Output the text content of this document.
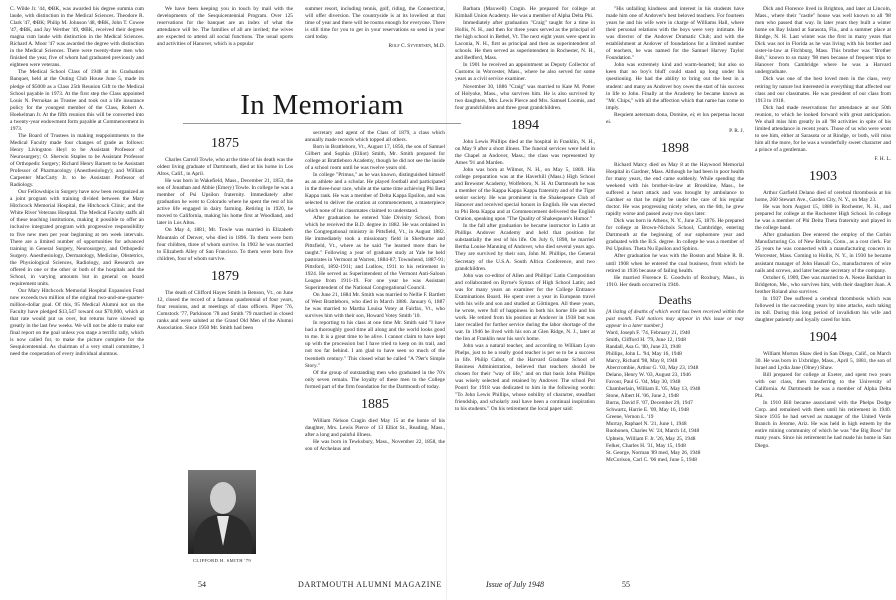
C. Wilde Jr. '44, ΦBK, was awarded his degree summa cum laude, with distinction in the Medical Sciences. Theodore R. Clark '47, ΦBK; Philip M. Johnson '48, ΦBK, John T. Cowee '47, ΦBK, and Jay Werther '49, ΦBK, received their degrees magna cum laude with distinction in the Medical Sciences. Richard A. Moor '47 was awarded the degree with distinction in the Medical Sciences. There were twenty-three men who finished the year, five of whom had graduated previously and eighteen were veterans.

The Medical School Class of 1948 at its Graduation Banquet, held at the Outing Club House June 5, made its pledge of $5000 as a Class 25th Reunion Gift to the Medical School payable in 1973. At the first step the Class appointed Louis N. Pernokas as Trustee and took out a life insurance policy for the youngest member of the Class, Robert A. Hoekelman Jr. At the fifth reunion this will be converted into a twenty-year endowment form payable at Commencement in 1973.

The Board of Trustees in making reappointments to the Medical Faculty made four changes of grade as follows: Henry Livingston Heyl to be Assistant Professor of Neurosurgery; O. Sherwin Staples to be Assistant Professor of Orthopedic Surgery; Richard Henry Barnett to be Assistant Professor of Pharmacology (Anesthesiology); and William Carpenter MacCarty Jr. to be Assistant Professor of Radiology.

Our Fellowships in Surgery have now been reorganized as a joint program with training divided between the Mary Hitchcock Memorial Hospital, the Hitchcock Clinic, and the White River Veterans Hospital. The Medical Faculty staffs all of these teaching institutions, making it possible to offer an inclusive integrated program with progressive responsibility to five new men per year beginning at ten week intervals. There are a limited number of opportunities for advanced training in General Surgery, Neurosurgery, and Orthopedic Surgery. Anesthesiology, Dermatology, Medicine, Obstetrics, the Physiological Sciences, Radiology, and Research are offered in one or the other or both of the hospitals and the School, in varying amounts but in general on board requirement units.

Our Mary Hitchcock Memorial Hospital Expansion Fund now exceeds two million of the original two-and-one-quarter-million-dollar goal. Of this, 95 Medical Alumni not on the Faculty have pledged $13,547 toward our $70,000, which at that rate would put us over, but returns have slowed up greatly in the last few weeks. We will not be able to make our final report on the goal unless you stage a terrific rally, which is now called for, to make the picture complete for the Sesquicentennial. As chairman of a very small committee, I need the cooperation of every individual alumnus.

We have been keeping you in touch by mail with the developments of the Sesquicentennial Program. Over 125 reservations for the banquet are an index of what the attendance will be. The families of all are invited; the wives are expected to attend all social functions. The usual sports and activities of Hanover, which is a popular

summer resort, including tennis, golf, riding, the Connecticut, will offer diversion. The countryside is at its loveliest at that time of year and there will be rooms enough for everyone. There is still time for you to get in your reservations so send in your card today.

Rolf C. Syvertsen, M.D.

In Memoriam
1875

Charles Carroll Towle, who at the time of his death was the oldest living graduate of Dartmouth, died at his home in Los Altos, Calif., in April.

He was born in Wakefield, Mass., December 21, 1853, the son of Jonathan and Abbie (Emery) Towle. In college he was a member of Psi Upsilon fraternity. Immediately after graduation he went to Colorado where he spent the rest of his active life engaged in dairy farming. Retiring in 1920, he moved to California, making his home first at Woodland, and later in Los Altos.

On May 4, 1881, Mr. Towle was married in Elizabeth Mountain of Denver, who died in 1896. To them were born four children, three of whom survive. In 1902 he was married to Elizabeth Alley of San Francisco. To them were born five children, four of whom survive.

1879

The death of Clifford Hayes Smith in Benson, Vt., on June 12, closed the record of a famous quadrennial of four years, four reunions, and at meetings of class officers. Piper '76, Comstock '77, Parkinson '78 and Smith '79 marched in closed ranks and were saluted at the Grand Old Men of the Alumni Association. Since 1950 Mr. Smith had been

secretary and agent of the Class of 1879, a class which annually made records which topped all others.

Born in Brattleboro, Vt., August 17, 1856, the son of Samuel Gilbert and Sophia (Elliot) Smith, Mr. Smith prepared for college at Brattleboro Academy, though he did not see the inside of a school room until he was twelve years old.

In college "Primus," as he was known, distinguished himself as an athlete and a scholar. He played football and participated in the three-hour race, while at the same time achieving Phi Beta Kappa rank. He was a member of Delta Kappa Epsilon, and was selected to deliver the oration at commencement, a masterpiece which none of his classmates claimed to understand.

After graduation he entered Yale Divinity School, from which he received the B.D. degree in 1882. He was ordained in the Congregational ministry in Pittsfield, Vt., in August 1882. He immediately took a missionary field in Sherburne and Pittsfield, Vt., where as he said "he learned more than he taught." Following a year of graduate study at Yale he held pastorates in Vermont at Warren, 1884-87; Townshend, 1887-91; Pittsford, 1892-1911; and Ludlow, 1911 to his retirement in 1924. He served as Superintendent of the Vermont Anti-Saloon League from 1911-19. For one year he was Assistant Superintendent of the National Congregational Council.

On June 21, 1884 Mr. Smith was married to Nellie F. Bartlett of West Brattleboro, who died in March 1886. January 6, 1887 he was married to Martha Louisa Votey at Fairfax, Vt., who survives him with their son, Howard Votey Smith '10.

In reporting to his class at one time Mr. Smith said "I have had a thoroughly good time all along and the world looks good to me. It is a great time to be alive. I cannot claim to have kept up with the procession but I have tried to keep on its trail, and not too far behind. I am glad to have seen so much of the twentieth century." This closed what he called "A 79er's Simple Story."

Of the group of outstanding men who graduated in the 70's only seven remain. The loyalty of these men to the College formed part of the firm foundation for the Dartmouth of today.

1885

William Nelson Cragin died May 15 at the home of his daughter, Mrs. Lewis Pierce of 13 Elliot St., Reading, Mass., after a long and painful illness.

He was born in Tewksbury, Mass., November 22, 1858, the son of Archelaus and

CLIFFORD H. SMITH '79
54	DARTMOUTH ALUMNI MAGAZINE

Barbara (Maxwell) Cragin. He prepared for college at Kimball Union Academy. He was a member of Alpha Delta Phi.

Immediately after graduation "Craig" taught for a time in Hollis, N. H., and then for three years served as the principal of the high school in Bethel, Vt. The next eight years were spent in Laconia, N. H., first as principal and then as superintendent of schools. He then served as superintendent in Rochester, N. H., and Bedford, Mass.

In 1901 he received an appointment as Deputy Collector of Customs in Worcester, Mass., where he also served for some years as a civil service examiner.

November 30, 1886 "Craig" was married to Kate M. Potter of Holyoke, Mass., who survives him. He is also survived by two daughters, Mrs. Lewis Pierce and Mrs. Samuel Loomis, and four grandchildren and three great grandchildren.

1894

John Lewis Phillips died at the hospital in Franklin, N. H., on May 9 after a short illness. The funeral services were held in the Chapel at Andover, Mass.; the class was represented by Ames '91 and Marden.

John was born at Wilmot, N. H., on May 5, 1869. His college preparation was at the Haverhill (Mass.) High School and Brewster Academy, Wolfeboro, N. H. At Dartmouth he was a member of the Kappa Kappa Kappa fraternity and of the Tiger senior society. He was prominent in the Shakespeare Club of Hanover and received special honors in English. He was elected to Phi Beta Kappa and at Commencement delivered the English Oration, speaking upon "The Quality of Shakespeare's Humor."

In the fall after graduation he became instructor in Latin at Phillips Andover Academy and held that position for substantially the rest of his life. On July 6, 1898, he married Bertha Louise Manning of Andover, who died several years ago. They are survived by their son, John M. Phillips, the General Secretary of the U.S.A. South Africa Conference, and two grandchildren.

John was co-editor of Allen and Phillips' Latin Composition and collaborated on Byrne's Syntax of High School Latin; and was for many years an examiner for the College Entrance Examinations Board. He spent over a year in European travel with his wife and son and studied at Göttingen. All these years, he wrote, were full of happiness in both his home life and his work. He retired from his position at Andover in 1938 but was later recalled for further service during the labor shortage of the war. In 1946 he lived with his son at Glen Ridge, N. J., later at the Inn at Franklin near his son's home.

John was a natural teacher, and according to William Lyon Phelps, just to be a really good teacher is per se to be a success in life. Philip Cabot, of the Harvard Graduate School of Business Administration, believed that teachers should be chosen for their "way of life," and on that basis John Phillips was wisely selected and retained by Andover. The school Pot Pourri for 1918 was dedicated to him in the following words: "To John Lewis Phillips, whose nobility of character, steadfast friendship, and scholarly zeal have been a continual inspiration to his students." On his retirement the local paper said:

"His unfailing kindness and interest in his students have made him one of Andover's best beloved teachers. For fourteen years he and his wife were in charge of Williams Hall, where their personal relations with the boys were very intimate. He was director of the Andover Dramatic Club; and with the establishment at Andover of foundations for a limited number of teachers, he was named for the Samuel Harvey Taylor Foundation."

John was extremely kind and warm-hearted; but also so keen that no boy's bluff could stand up long under his questioning. He had the ability to bring out the best in a student: and many an Andover boy owes the start of his success in life to John. Finally at the Academy he became known as "Mr. Chips," with all the affection which that name has come to imply.

Requiem aeternam dona, Domine, ei; et lux perpetua luceat ei.

P. R. J.

1898

Richard Marcy died on May 8 at the Haywood Memorial Hospital in Gardner, Mass. Although he had been in poor health for many years, the end came suddenly. While spending the weekend with his brother-in-law at Brookline, Mass., he suffered a heart attack and was brought by ambulance to Gardner so that he might be under the care of his regular doctor. He was progressing nicely when, on the 6th, he grew rapidly worse and passed away two days later.

Dick was born in Athens, N. Y., June 25, 1876. He prepared for college at Brown-Nichols School, Cambridge, entering Dartmouth at the beginning of our sophomore year and graduated with the B.S. degree. In college he was a member of Psi Upsilon. Theta Nu Epsilon and Sphinx.

After graduation he was with the Boston and Maine R. R. until 1908 when he entered the coal business, from which he retired in 1936 because of failing health.

He married Florence E. Goodwin of Roxbury, Mass., in 1910. Her death occurred in 1946.

Deaths

[A listing of deaths of which word has been received within the past month. Full notices may appear in this issue or may appear in a later number.]

Ward, Joseph F. '74, February 21, 1940
Smith, Clifford H. '79, June 12, 1948
Randall, Asa G. '80, June 23, 1948
Phillips, John L. '94, May 16, 1948
Marcy, Richard '98, May 8, 1948
Abercrombie, Arthur G. '03, May 23, 1948
Delano, Henry W. '03, August 23, 1946
Favour, Paul G. '04, May 30, 1948
Chamberlain, William E. '05, May 13, 1948
Stone, Albert H. '06, June 2, 1948
Burns, David F. '07, December 29, 1947
Schwartz, Harrie E. '09, May 16, 1948
Greene, Vernon L. '19
Murray, Raphael N. '21, June 1, 1948
Ruohonen, Charles W. '24, March 14, 1948
Uphtein, William F. Jr. '26, May 25, 1948
Felker, Charles H. '31, May 15, 1948
St. George, Norman '89 med, May 26, 1948
McCorison, Carl C. '06 med, June 5, 1948

Dick and Florence lived in Brighton, and later at Lincoln, Mass., where their "castle" house was well known to all '98 men who passed that way. In later years they built a winter home on Bay Island at Sarasota, Fla., and a summer place at Rindge, N. H. Last winter was the first in many years that Dick was not in Florida as he was living with his brother and sister-in-law at Fitchburg, Mass. This brother was "Brother Bob," known to so many '98 men because of frequent trips to Hanover from Cambridge where he was a Harvard undergraduate.

Dick was one of the best loved men in the class, very retiring by nature but interested in everything that affected our class and our classmates. He was president of our class from 1913 to 1918.

Dick had made reservations for attendance at our 50th reunion, to which he looked forward with great anticipation. We shall miss him greatly in all '98 activities in spite of his limited attendance in recent years. Those of us who were wont to see him, either at Sarasota or at Rindge, or both, will miss him all the more, for he was a wonderfully sweet character and a prince of a gentleman.

F. H. L.

1903

Arthur Garfield Delano died of cerebral thrombosis at his home, 260 Stewart Ave., Garden City, N. Y., on May 23.

He was born August 15, 1880 in Rochester, N. H., and prepared for college at the Rochester High School. In college he was a member of Phi Delta Theta fraternity and played in the college band.

After graduation Dee entered the employ of the Corbin Manufacturing Co. of New Britain, Conn., as a cost clerk. For 25 years he was connected with a manufacturing concern in Worcester, Mass. Coming to Hollis, N. Y., in 1930 he became assistant manager of John Hassall Co., manufacturers of wire nails and screws, and later became secretary of the company.

October 6, 1909, Dee was married to A. Neeze Barkhart in Bridgeton, Me., who survives him, with their daughter Joan. A brother Roland also survives.

In 1937 Dee suffered a cerebral thrombosis which was followed in the succeeding years by nine attacks, each taking its toll. During this long period of invalidism his wife and daughter patiently and loyally cared for him.

1904

William Morton Shaw died in San Diego, Calif., on March 30. He was born in Uxbridge, Mass., April 5, 1881, the son of Israel and Lydia Jane (Olney) Shaw.

Bill prepared for college at Exeter, and spent two years with our class, then transferring to the University of California. At Dartmouth he was a member of Alpha Delta Phi.

In 1910 Bill became associated with the Phelps Dodge Corp. and remained with them until his retirement in 1940. Since 1935 he had served as manager of the United Verde Branch in Jerome, Ariz. He was held in high esteem by the entire mining community of which he was "the Big Boss" for many years. Since his retirement he had made his home in San Diego.

Issue of July 1948	55
